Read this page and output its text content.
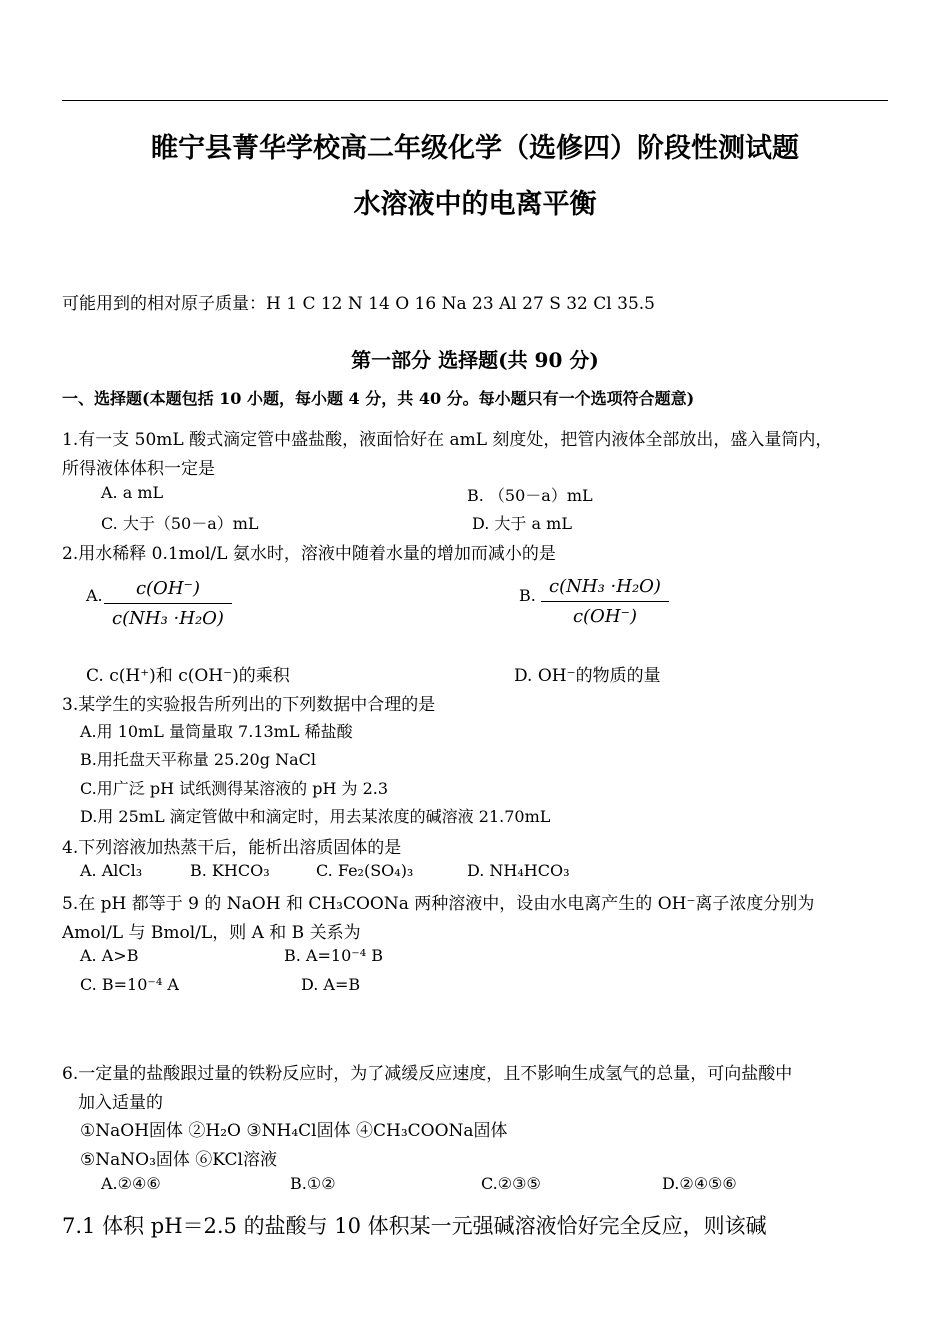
睢宁县菁华学校高二年级化学（选修四）阶段性测试题
水溶液中的电离平衡
可能用到的相对原子质量：H 1 C 12 N 14 O 16 Na 23 Al 27 S 32 Cl 35.5
第一部分 选择题(共 90 分)
一、选择题(本题包括 10 小题，每小题 4 分，共 40 分。每小题只有一个选项符合题意)
1.有一支 50mL 酸式滴定管中盛盐酸，液面恰好在 amL 刻度处，把管内液体全部放出，盛入量筒内，
所得液体体积一定是
A. a mL	B. （50－a）mL
C. 大于（50－a）mL	D. 大于 a mL
2.用水稀释 0.1mol/L 氨水时，溶液中随着水量的增加而减小的是
A.	c(OH⁻)
c(NH₃ ·H₂O)
B. c(NH₃ ·H₂O)
c(OH⁻)
C. c(H⁺)和 c(OH⁻)的乘积	D. OH⁻的物质的量
3.某学生的实验报告所列出的下列数据中合理的是
A.用 10mL 量筒量取 7.13mL 稀盐酸
B.用托盘天平称量 25.20g NaCl
C.用广泛 pH 试纸测得某溶液的 pH 为 2.3
D.用 25mL 滴定管做中和滴定时，用去某浓度的碱溶液 21.70mL
4.下列溶液加热蒸干后，能析出溶质固体的是
A. AlCl₃	B. KHCO₃	C. Fe₂(SO₄)₃	D. NH₄HCO₃
5.在 pH 都等于 9 的 NaOH 和 CH₃COONa 两种溶液中，设由水电离产生的 OH⁻离子浓度分别为
Amol/L 与 Bmol/L，则 A 和 B 关系为
A. A>B	B. A=10⁻⁴ B
C. B=10⁻⁴ A	D. A=B
6.一定量的盐酸跟过量的铁粉反应时，为了减缓反应速度，且不影响生成氢气的总量，可向盐酸中
加入适量的
①NaOH固体 ②H₂O ③NH₄Cl固体 ④CH₃COONa固体
⑤NaNO₃固体 ⑥KCl溶液
A.②④⑥	B.①②	C.②③⑤	D.②④⑤⑥
7.1 体积 pH＝2.5 的盐酸与 10 体积某一元强碱溶液恰好完全反应，则该碱
